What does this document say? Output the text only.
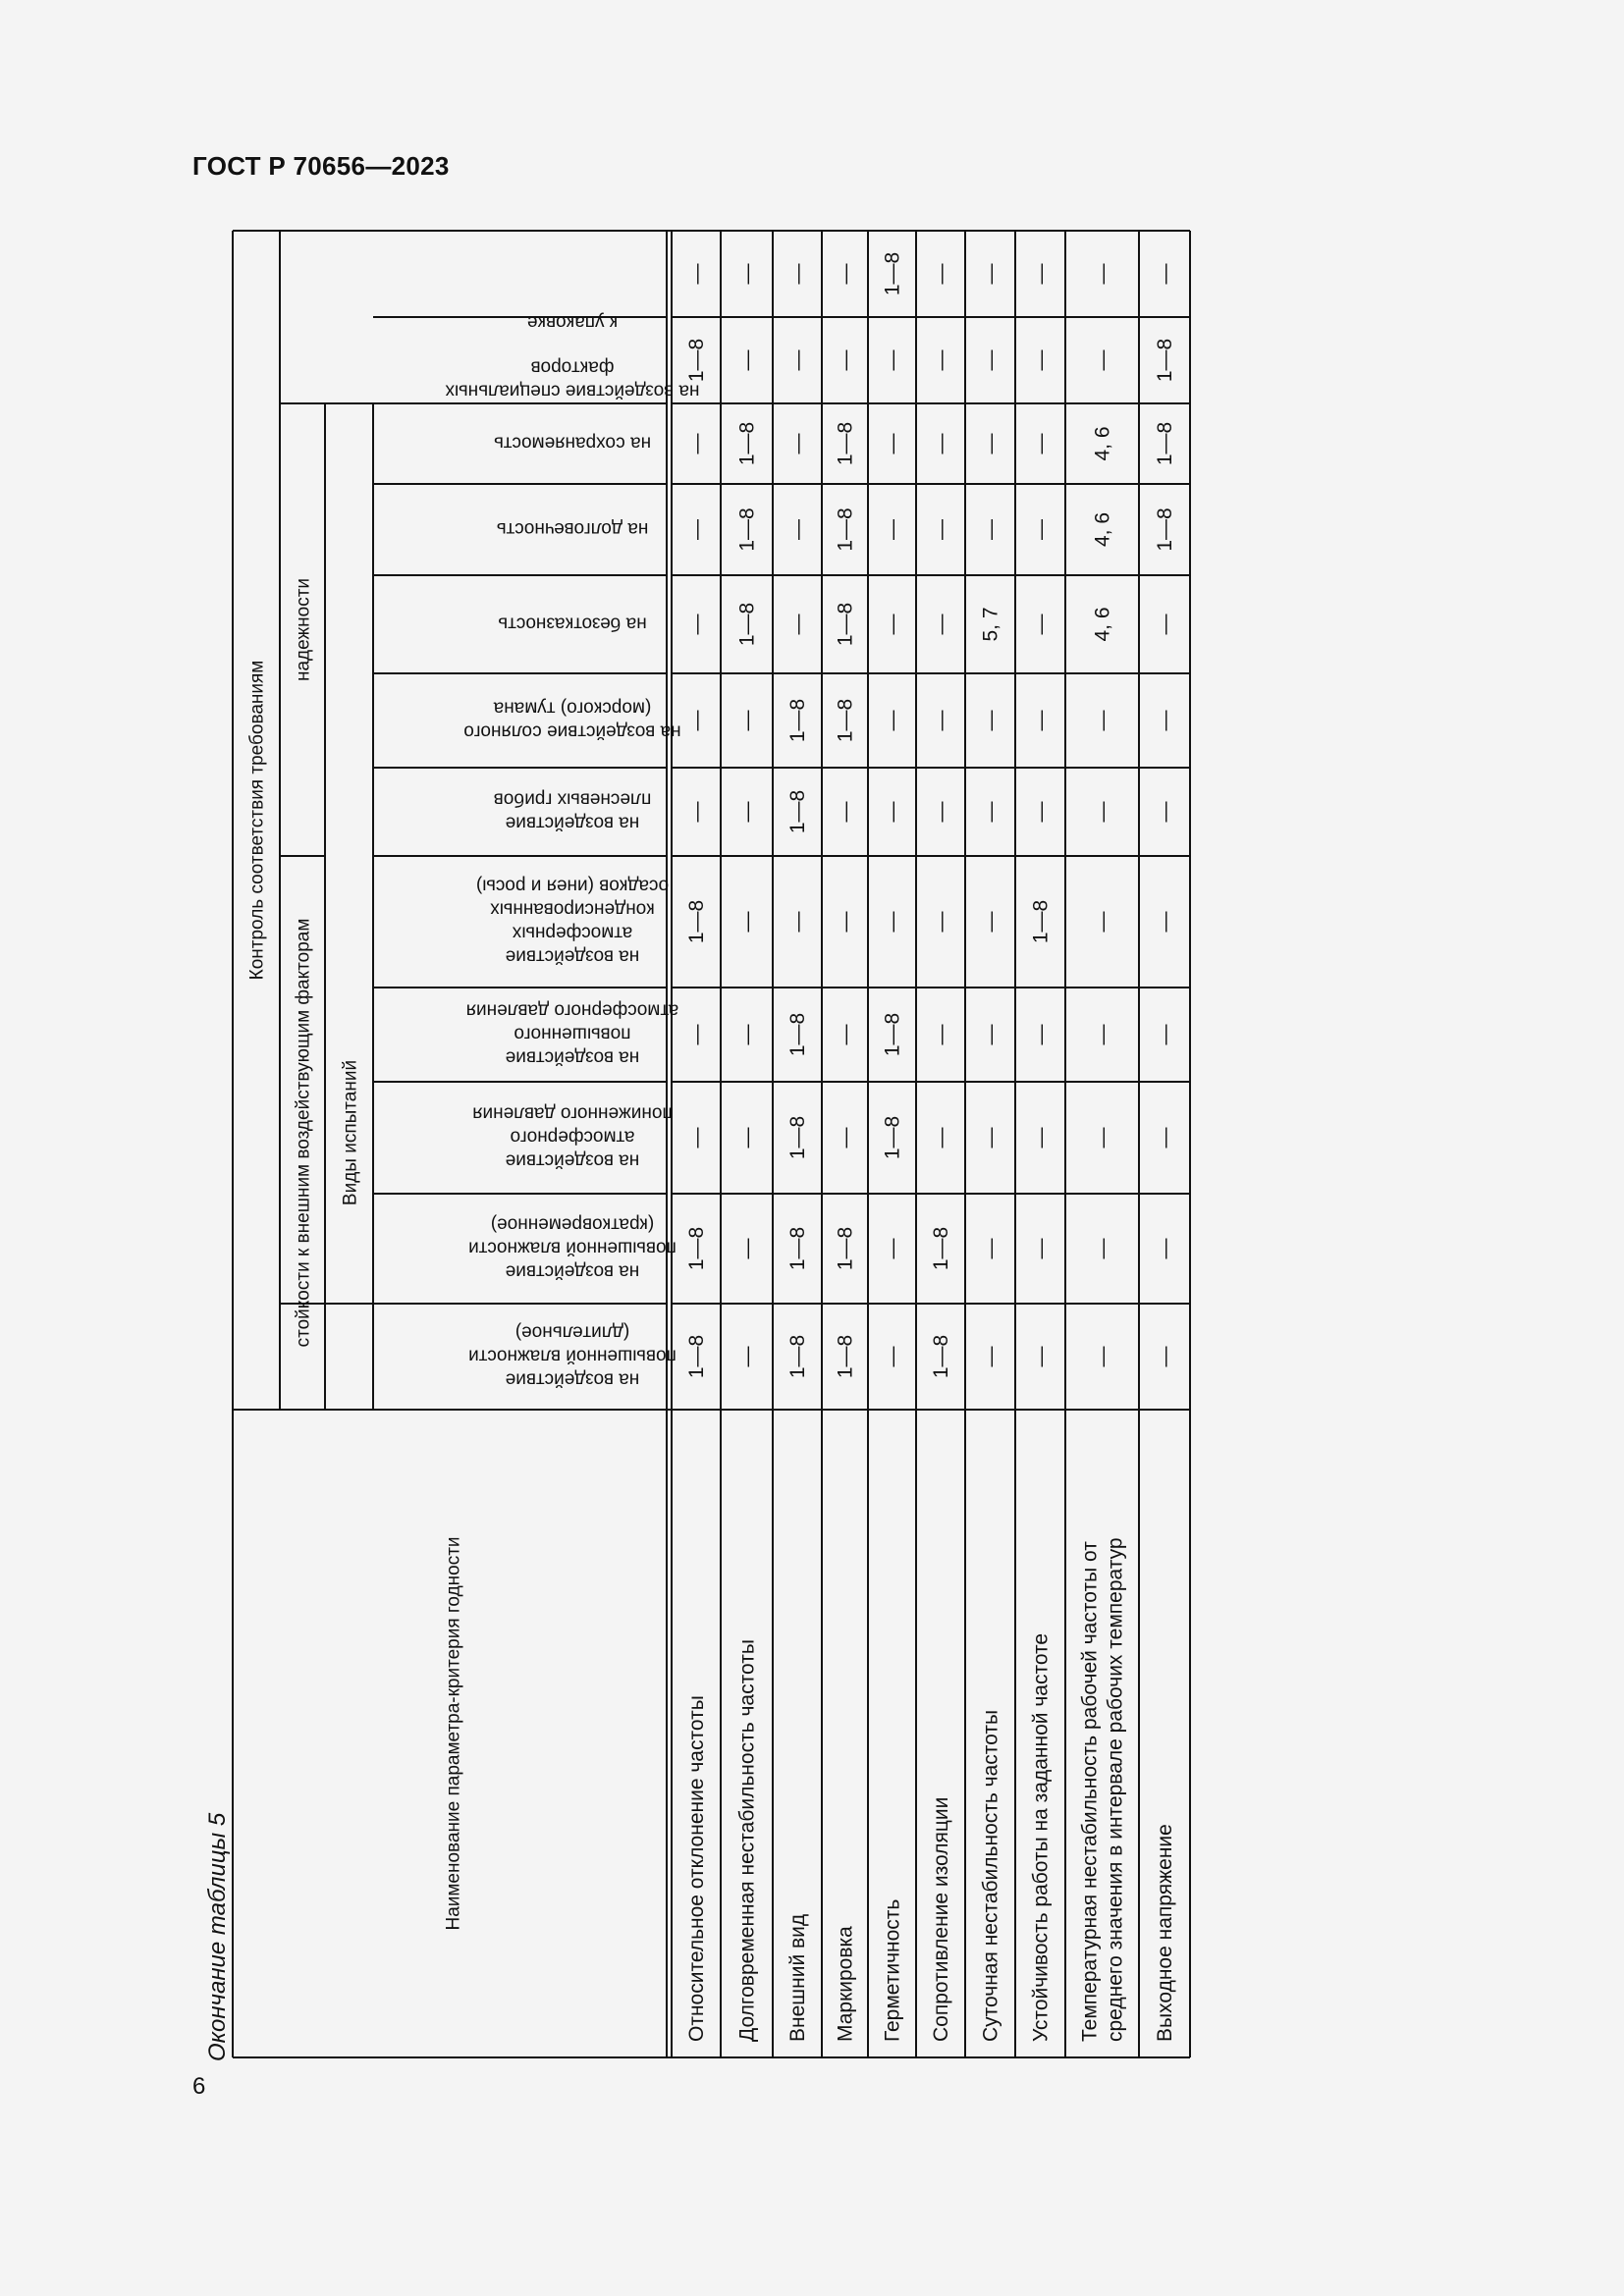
ГОСТ Р 70656—2023
Окончание таблицы 5
6
Контроль соответствия требованиям
надежности
стойкости к внешним воздействующим факторам Виды испытаний
к упаковке
на воздействие специальныхфакторов
на сохраняемость
на долговечность
на безотказность
на воздействие соляного(морского) тумана
на воздействиеплесневых грибов
на воздействиеатмосферныхконденсированныхосадков (инея и росы)
на воздействиеповышенногоатмосферного давления
на воздействиеатмосферногопониженного давления
на воздействиеповышенной влажности(кратковременное)
на воздействиеповышенной влажности(длительное)
Наименование параметра-критерия годности	Относительное отклонение частоты
1—8
1—8
—
—
1—8
—
—
—
—
—
1—8
—
Долговременная нестабильность частоты
—
—
—
—
—
—
—
1—8
1—8
1—8
—
—
Внешний вид
1—8
1—8
1—8
1—8
—
1—8
1—8
—
—
—
—
—
Маркировка
1—8
1—8
—
—
—
—
1—8
1—8
1—8
1—8
—
—
Герметичность
—
—
1—8
1—8
—
—
—
—
—
—
—
1—8
Сопротивление изоляции
1—8
1—8
—
—
—
—
—
—
—
—
—
—
Суточная нестабильность частоты
—
—
—
—
—
—
—
5, 7
—
—
—
—
Устойчивость работы на заданной частоте
—
—
—
—
1—8
—
—
—
—
—
—
—
Температурная нестабильность рабочей частоты от среднего значения в интервале рабочих температур
—
—
—
—
—
—
—
4, 6
4, 6
4, 6
—
—
Выходное напряжение
—
—
—
—
—
—
—
—
1—8
1—8
1—8
—
